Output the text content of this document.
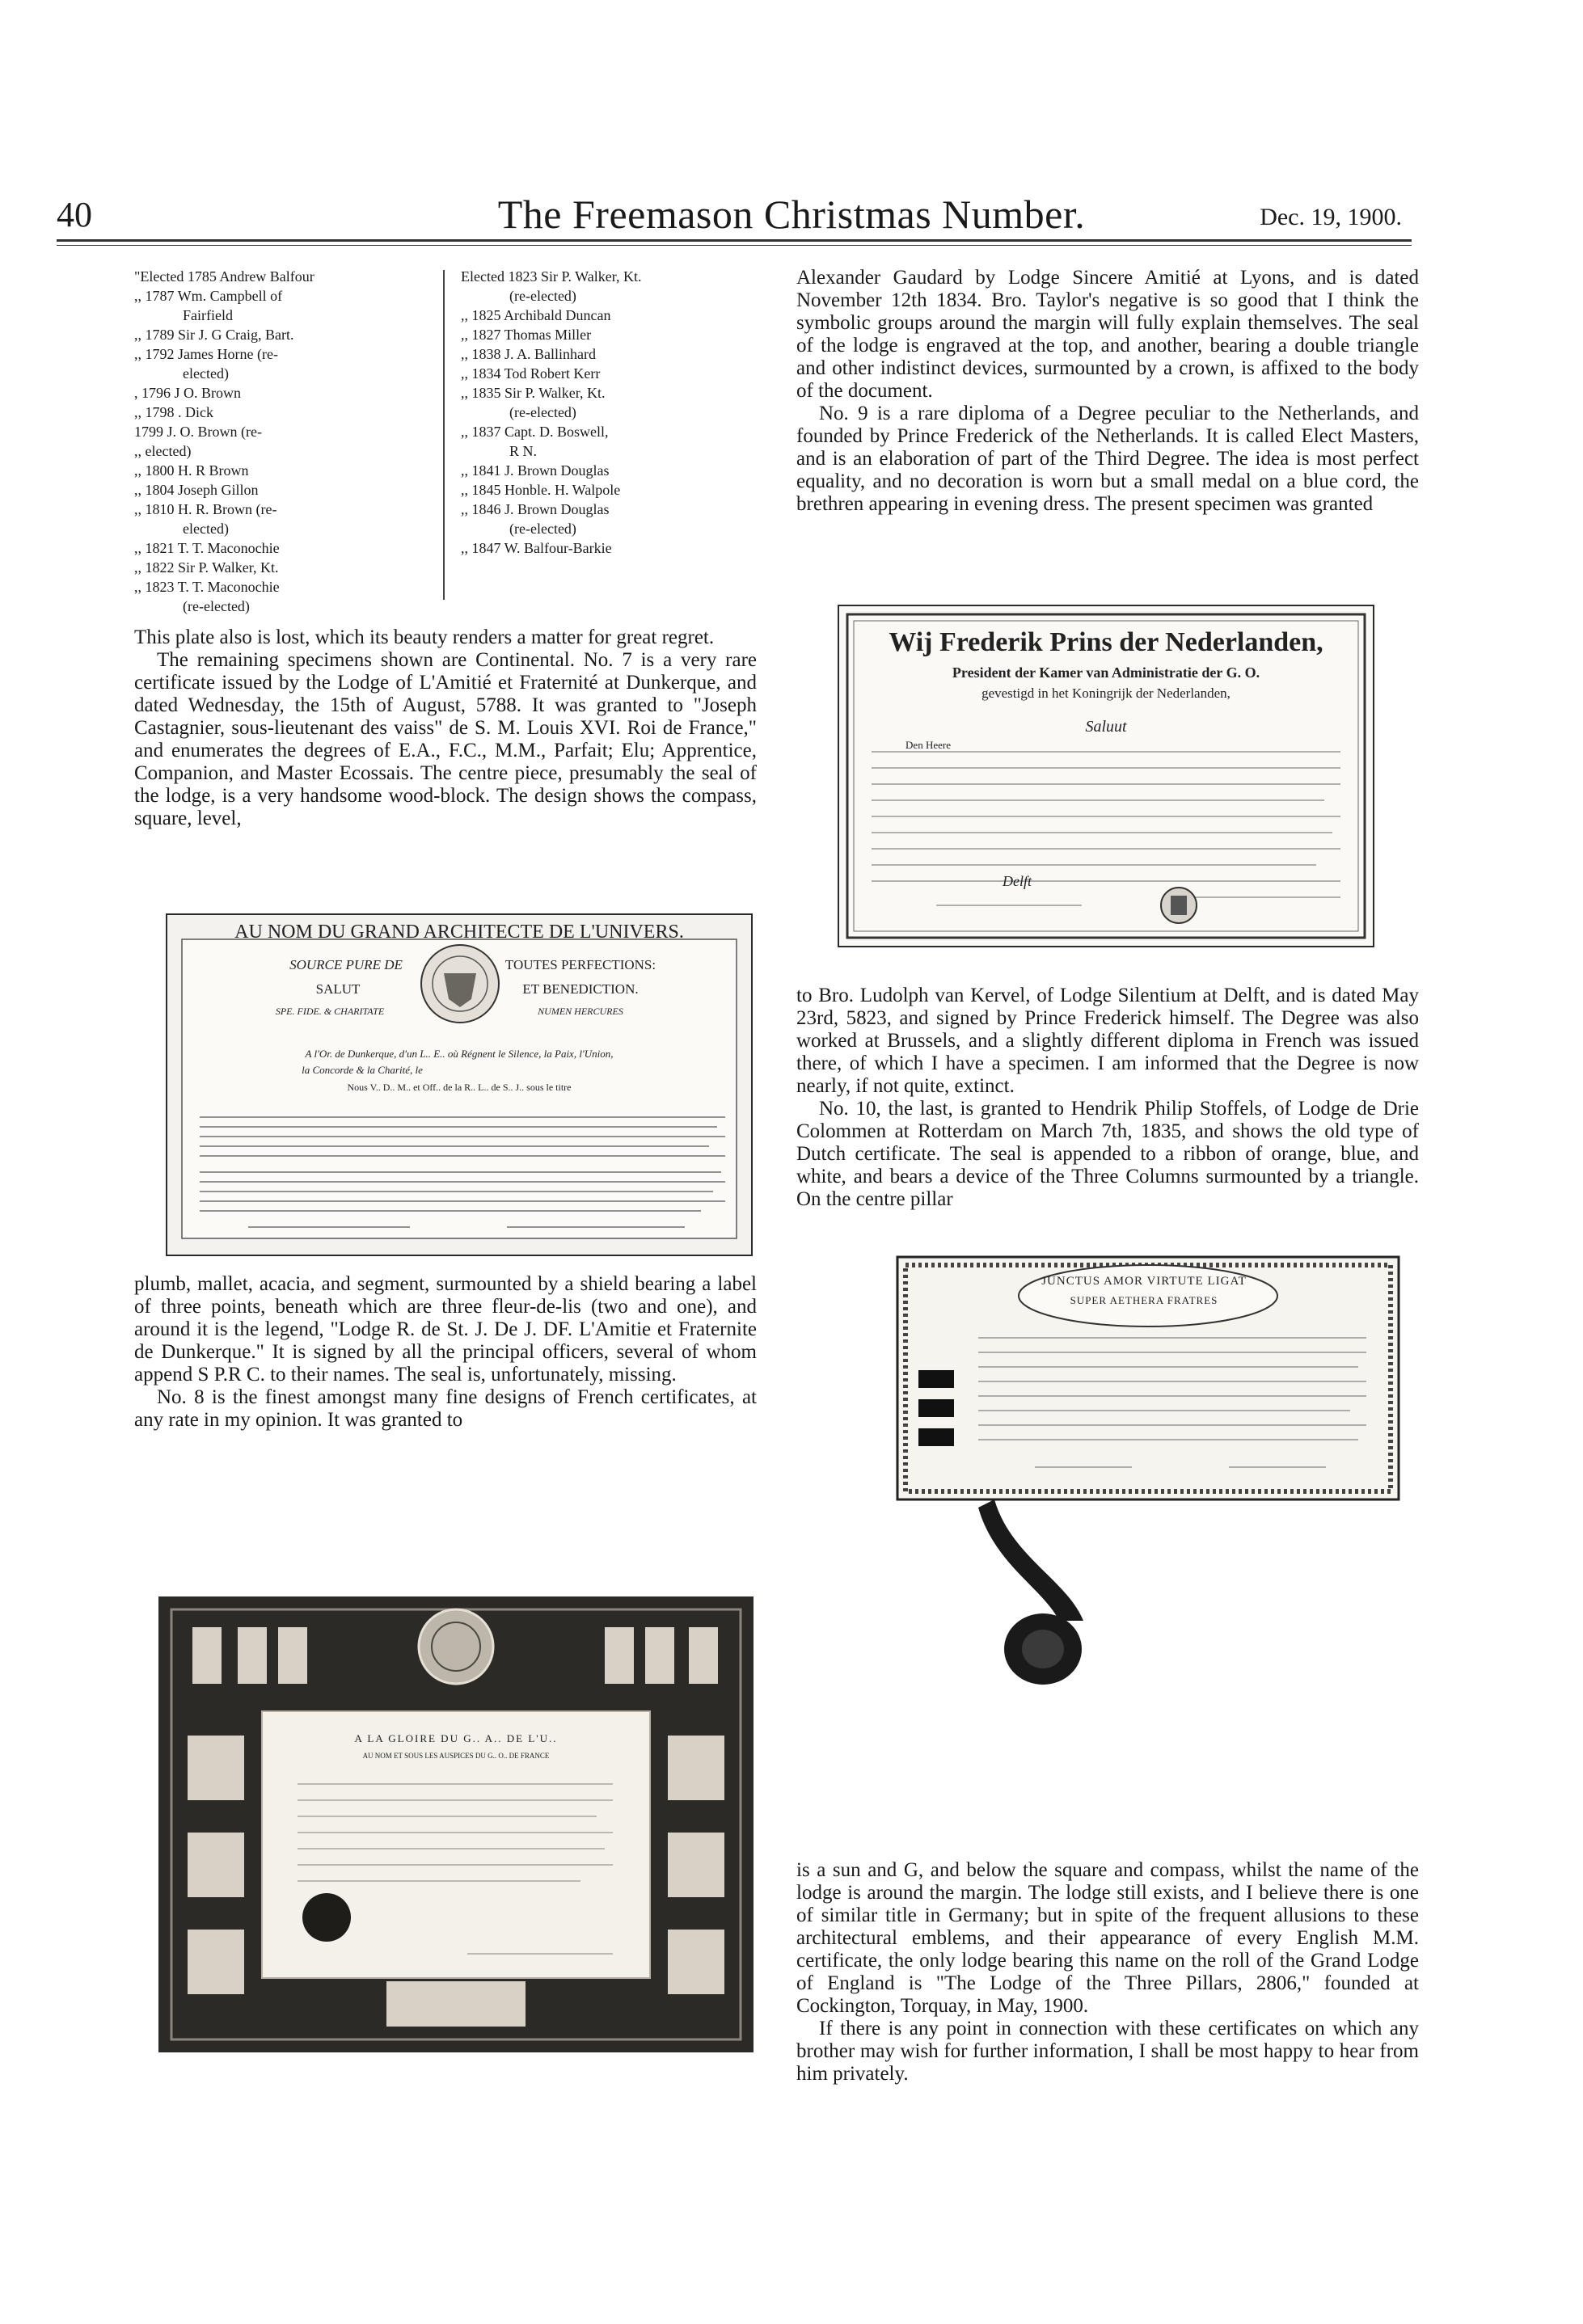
40	The Freemason Christmas Number.	Dec. 19, 1900.
"Elected 1785 Andrew Balfour
,, 1787 Wm. Campbell of
Fairfield
,, 1789 Sir J. G Craig, Bart.
,, 1792 James Horne (re-
elected)
, 1796 J O. Brown
,, 1798 . Dick
1799 J. O. Brown (re-
,, elected)
,, 1800 H. R Brown
,, 1804 Joseph Gillon
,, 1810 H. R. Brown (re-
elected)
,, 1821 T. T. Maconochie
,, 1822 Sir P. Walker, Kt.
,, 1823 T. T. Maconochie
(re-elected)
Elected 1823 Sir P. Walker, Kt.
(re-elected)
,, 1825 Archibald Duncan
,, 1827 Thomas Miller
,, 1838 J. A. Ballinhard
,, 1834 Tod Robert Kerr
,, 1835 Sir P. Walker, Kt.
(re-elected)
,, 1837 Capt. D. Boswell,
R N.
,, 1841 J. Brown Douglas
,, 1845 Honble. H. Walpole
,, 1846 J. Brown Douglas
(re-elected)
,, 1847 W. Balfour-Barkie

This plate also is lost, which its beauty renders a matter for great regret.

The remaining specimens shown are Continental. No. 7 is a very rare certificate issued by the Lodge of L'Amitié et Fraternité at Dunkerque, and dated Wednesday, the 15th of August, 5788. It was granted to "Joseph Castagnier, sous-lieutenant des vaiss" de S. M. Louis XVI. Roi de France," and enumerates the degrees of E.A., F.C., M.M., Parfait; Elu; Apprentice, Companion, and Master Ecossais. The centre piece, presumably the seal of the lodge, is a very handsome wood-block. The design shows the compass, square, level,

AU NOM DU GRAND ARCHITECTE DE L'UNIVERS.
SOURCE PURE DE	TOUTES PERFECTIONS:
SALUT	ET BENEDICTION.
SPE. FIDE. & CHARITATE	NUMEN HERCURES
A l'Or. de Dunkerque, d'un L.. E.. où Régnent le Silence, la Paix, l'Union,
la Concorde & la Charité, le
Nous V.. D.. M.. et Off.. de la R.. L.. de S.. J.. sous le titre

plumb, mallet, acacia, and segment, surmounted by a shield bearing a label of three points, beneath which are three fleur-de-lis (two and one), and around it is the legend, "Lodge R. de St. J. De J. DF. L'Amitie et Fraternite de Dunkerque." It is signed by all the principal officers, several of whom append S P.R C. to their names. The seal is, unfortunately, missing.

No. 8 is the finest amongst many fine designs of French certificates, at any rate in my opinion. It was granted to

A LA GLOIRE DU G.. A.. DE L'U..
AU NOM ET SOUS LES AUSPICES DU G.. O.. DE FRANCE

Alexander Gaudard by Lodge Sincere Amitié at Lyons, and is dated November 12th 1834. Bro. Taylor's negative is so good that I think the symbolic groups around the margin will fully explain themselves. The seal of the lodge is engraved at the top, and another, bearing a double triangle and other indistinct devices, surmounted by a crown, is affixed to the body of the document.

No. 9 is a rare diploma of a Degree peculiar to the Netherlands, and founded by Prince Frederick of the Netherlands. It is called Elect Masters, and is an elaboration of part of the Third Degree. The idea is most perfect equality, and no decoration is worn but a small medal on a blue cord, the brethren appearing in evening dress. The present specimen was granted

Wij Frederik Prins der Nederlanden,
President der Kamer van Administratie der G. O.
gevestigd in het Koningrijk der Nederlanden,
Saluut
Den Heere
Delft

to Bro. Ludolph van Kervel, of Lodge Silentium at Delft, and is dated May 23rd, 5823, and signed by Prince Frederick himself. The Degree was also worked at Brussels, and a slightly different diploma in French was issued there, of which I have a specimen. I am informed that the Degree is now nearly, if not quite, extinct.

No. 10, the last, is granted to Hendrik Philip Stoffels, of Lodge de Drie Colommen at Rotterdam on March 7th, 1835, and shows the old type of Dutch certificate. The seal is appended to a ribbon of orange, blue, and white, and bears a device of the Three Columns surmounted by a triangle. On the centre pillar

JUNCTUS AMOR VIRTUTE LIGAT
SUPER AETHERA FRATRES

is a sun and G, and below the square and compass, whilst the name of the lodge is around the margin. The lodge still exists, and I believe there is one of similar title in Germany; but in spite of the frequent allusions to these architectural emblems, and their appearance of every English M.M. certificate, the only lodge bearing this name on the roll of the Grand Lodge of England is "The Lodge of the Three Pillars, 2806," founded at Cockington, Torquay, in May, 1900.

If there is any point in connection with these certificates on which any brother may wish for further information, I shall be most happy to hear from him privately.
